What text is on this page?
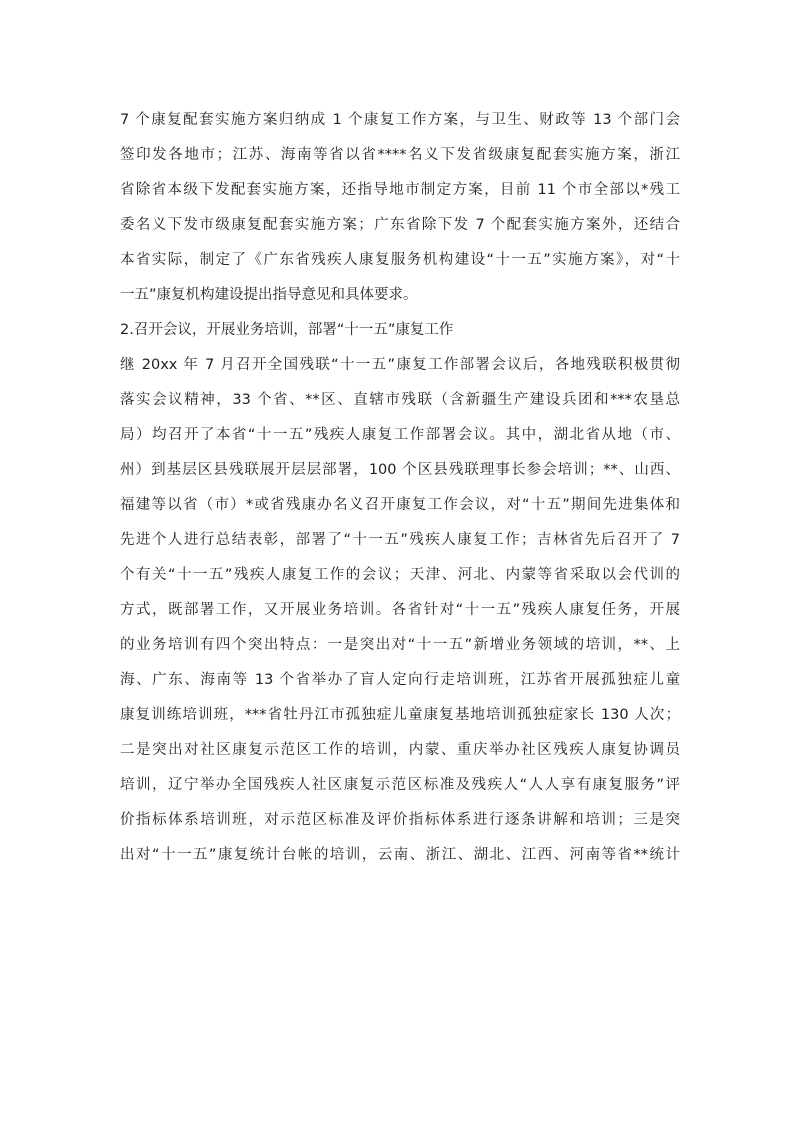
7 个康复配套实施方案归纳成 1 个康复工作方案，与卫生、财政等 13 个部门会
签印发各地市；江苏、海南等省以省****名义下发省级康复配套实施方案，浙江
省除省本级下发配套实施方案，还指导地市制定方案，目前 11 个市全部以*残工
委名义下发市级康复配套实施方案；广东省除下发 7 个配套实施方案外，还结合
本省实际，制定了《广东省残疾人康复服务机构建设“十一五”实施方案》，对“十
一五”康复机构建设提出指导意见和具体要求。
2.召开会议，开展业务培训，部署“十一五”康复工作
继 20xx 年 7 月召开全国残联“十一五”康复工作部署会议后，各地残联积极贯彻
落实会议精神，33 个省、**区、直辖市残联（含新疆生产建设兵团和***农垦总
局）均召开了本省“十一五”残疾人康复工作部署会议。其中，湖北省从地（市、
州）到基层区县残联展开层层部署，100 个区县残联理事长参会培训；**、山西、
福建等以省（市）*或省残康办名义召开康复工作会议，对“十五”期间先进集体和
先进个人进行总结表彰，部署了“十一五”残疾人康复工作；吉林省先后召开了 7
个有关“十一五”残疾人康复工作的会议；天津、河北、内蒙等省采取以会代训的
方式，既部署工作，又开展业务培训。各省针对“十一五”残疾人康复任务，开展
的业务培训有四个突出特点：一是突出对“十一五”新增业务领域的培训，**、上
海、广东、海南等 13 个省举办了盲人定向行走培训班，江苏省开展孤独症儿童
康复训练培训班，***省牡丹江市孤独症儿童康复基地培训孤独症家长 130 人次；
二是突出对社区康复示范区工作的培训，内蒙、重庆举办社区残疾人康复协调员
培训，辽宁举办全国残疾人社区康复示范区标准及残疾人“人人享有康复服务”评
价指标体系培训班，对示范区标准及评价指标体系进行逐条讲解和培训；三是突
出对“十一五”康复统计台帐的培训，云南、浙江、湖北、江西、河南等省**统计
